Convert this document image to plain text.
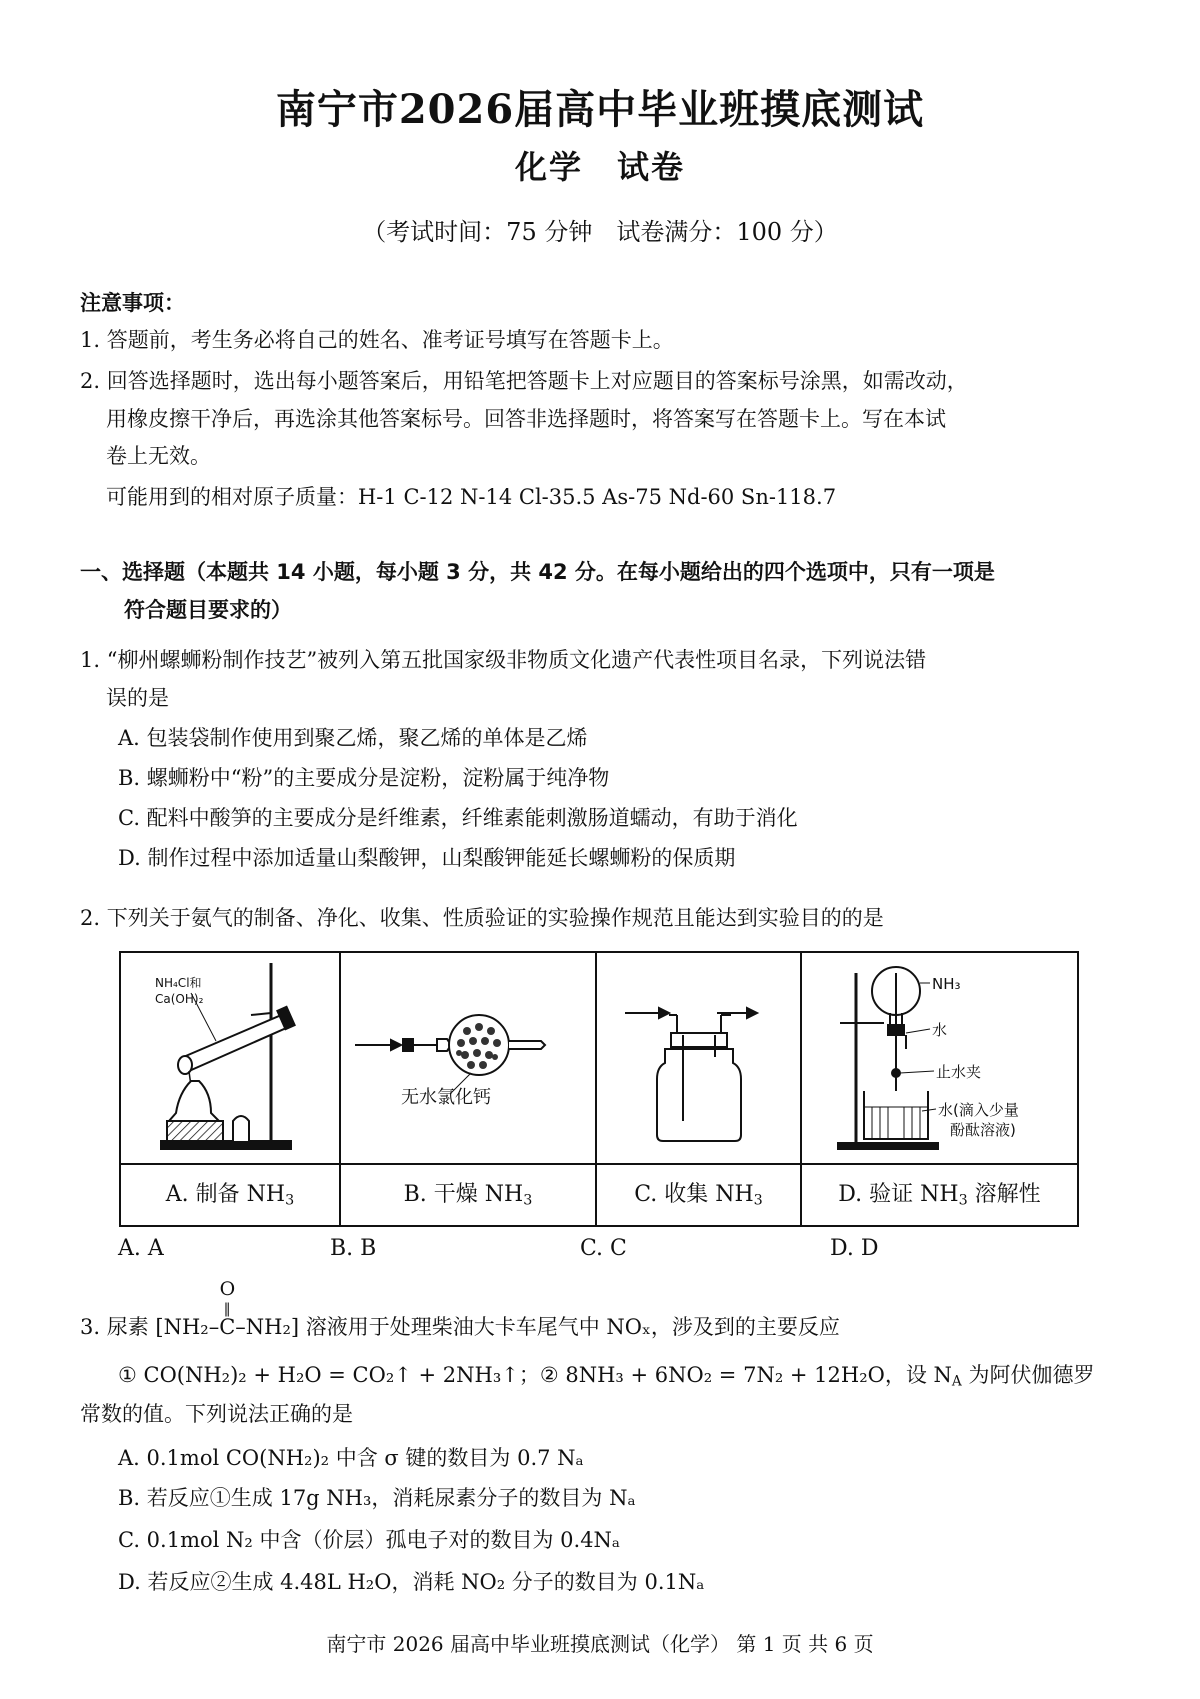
南宁市2026届高中毕业班摸底测试
化学 试卷
（考试时间：75 分钟　试卷满分：100 分）
注意事项：
1. 答题前，考生务必将自己的姓名、准考证号填写在答题卡上。
2. 回答选择题时，选出每小题答案后，用铅笔把答题卡上对应题目的答案标号涂黑，如需改动，
用橡皮擦干净后，再选涂其他答案标号。回答非选择题时，将答案写在答题卡上。写在本试
卷上无效。
可能用到的相对原子质量：H-1 C-12 N-14 Cl-35.5 As-75 Nd-60 Sn-118.7
一、选择题（本题共 14 小题，每小题 3 分，共 42 分。在每小题给出的四个选项中，只有一项是
符合题目要求的）
1. “柳州螺蛳粉制作技艺”被列入第五批国家级非物质文化遗产代表性项目名录，下列说法错
误的是
A. 包装袋制作使用到聚乙烯，聚乙烯的单体是乙烯
B. 螺蛳粉中“粉”的主要成分是淀粉，淀粉属于纯净物
C. 配料中酸笋的主要成分是纤维素，纤维素能刺激肠道蠕动，有助于消化
D. 制作过程中添加适量山梨酸钾，山梨酸钾能延长螺蛳粉的保质期
2. 下列关于氨气的制备、净化、收集、性质验证的实验操作规范且能达到实验目的的是
NH₄Cl和
Ca(OH)₂
无水氯化钙
NH₃
水
止水夹
水(滴入少量
酚酞溶液)
A. 制备 $NH_3$	B. 干燥 $NH_3$	C. 收集 $NH_3$	D. 验证 $NH_3$ 溶解性
A. A	B. B	C. C	D. D
3. 尿素 [
O
‖
NH₂–C–NH₂] 溶液用于处理柴油大卡车尾气中 NOₓ，涉及到的主要反应
① CO(NH₂)₂ + H₂O = CO₂↑ + 2NH₃↑；② 8NH₃ + 6NO₂ = 7N₂ + 12H₂O，设 $N_A$ 为阿伏伽德罗
常数的值。下列说法正确的是
A. 0.1mol CO(NH₂)₂ 中含 σ 键的数目为 0.7 Nₐ
B. 若反应①生成 17g NH₃，消耗尿素分子的数目为 Nₐ
C. 0.1mol N₂ 中含（价层）孤电子对的数目为 0.4Nₐ
D. 若反应②生成 4.48L H₂O，消耗 NO₂ 分子的数目为 0.1Nₐ
南宁市 2026 届高中毕业班摸底测试（化学） 第 1 页 共 6 页
